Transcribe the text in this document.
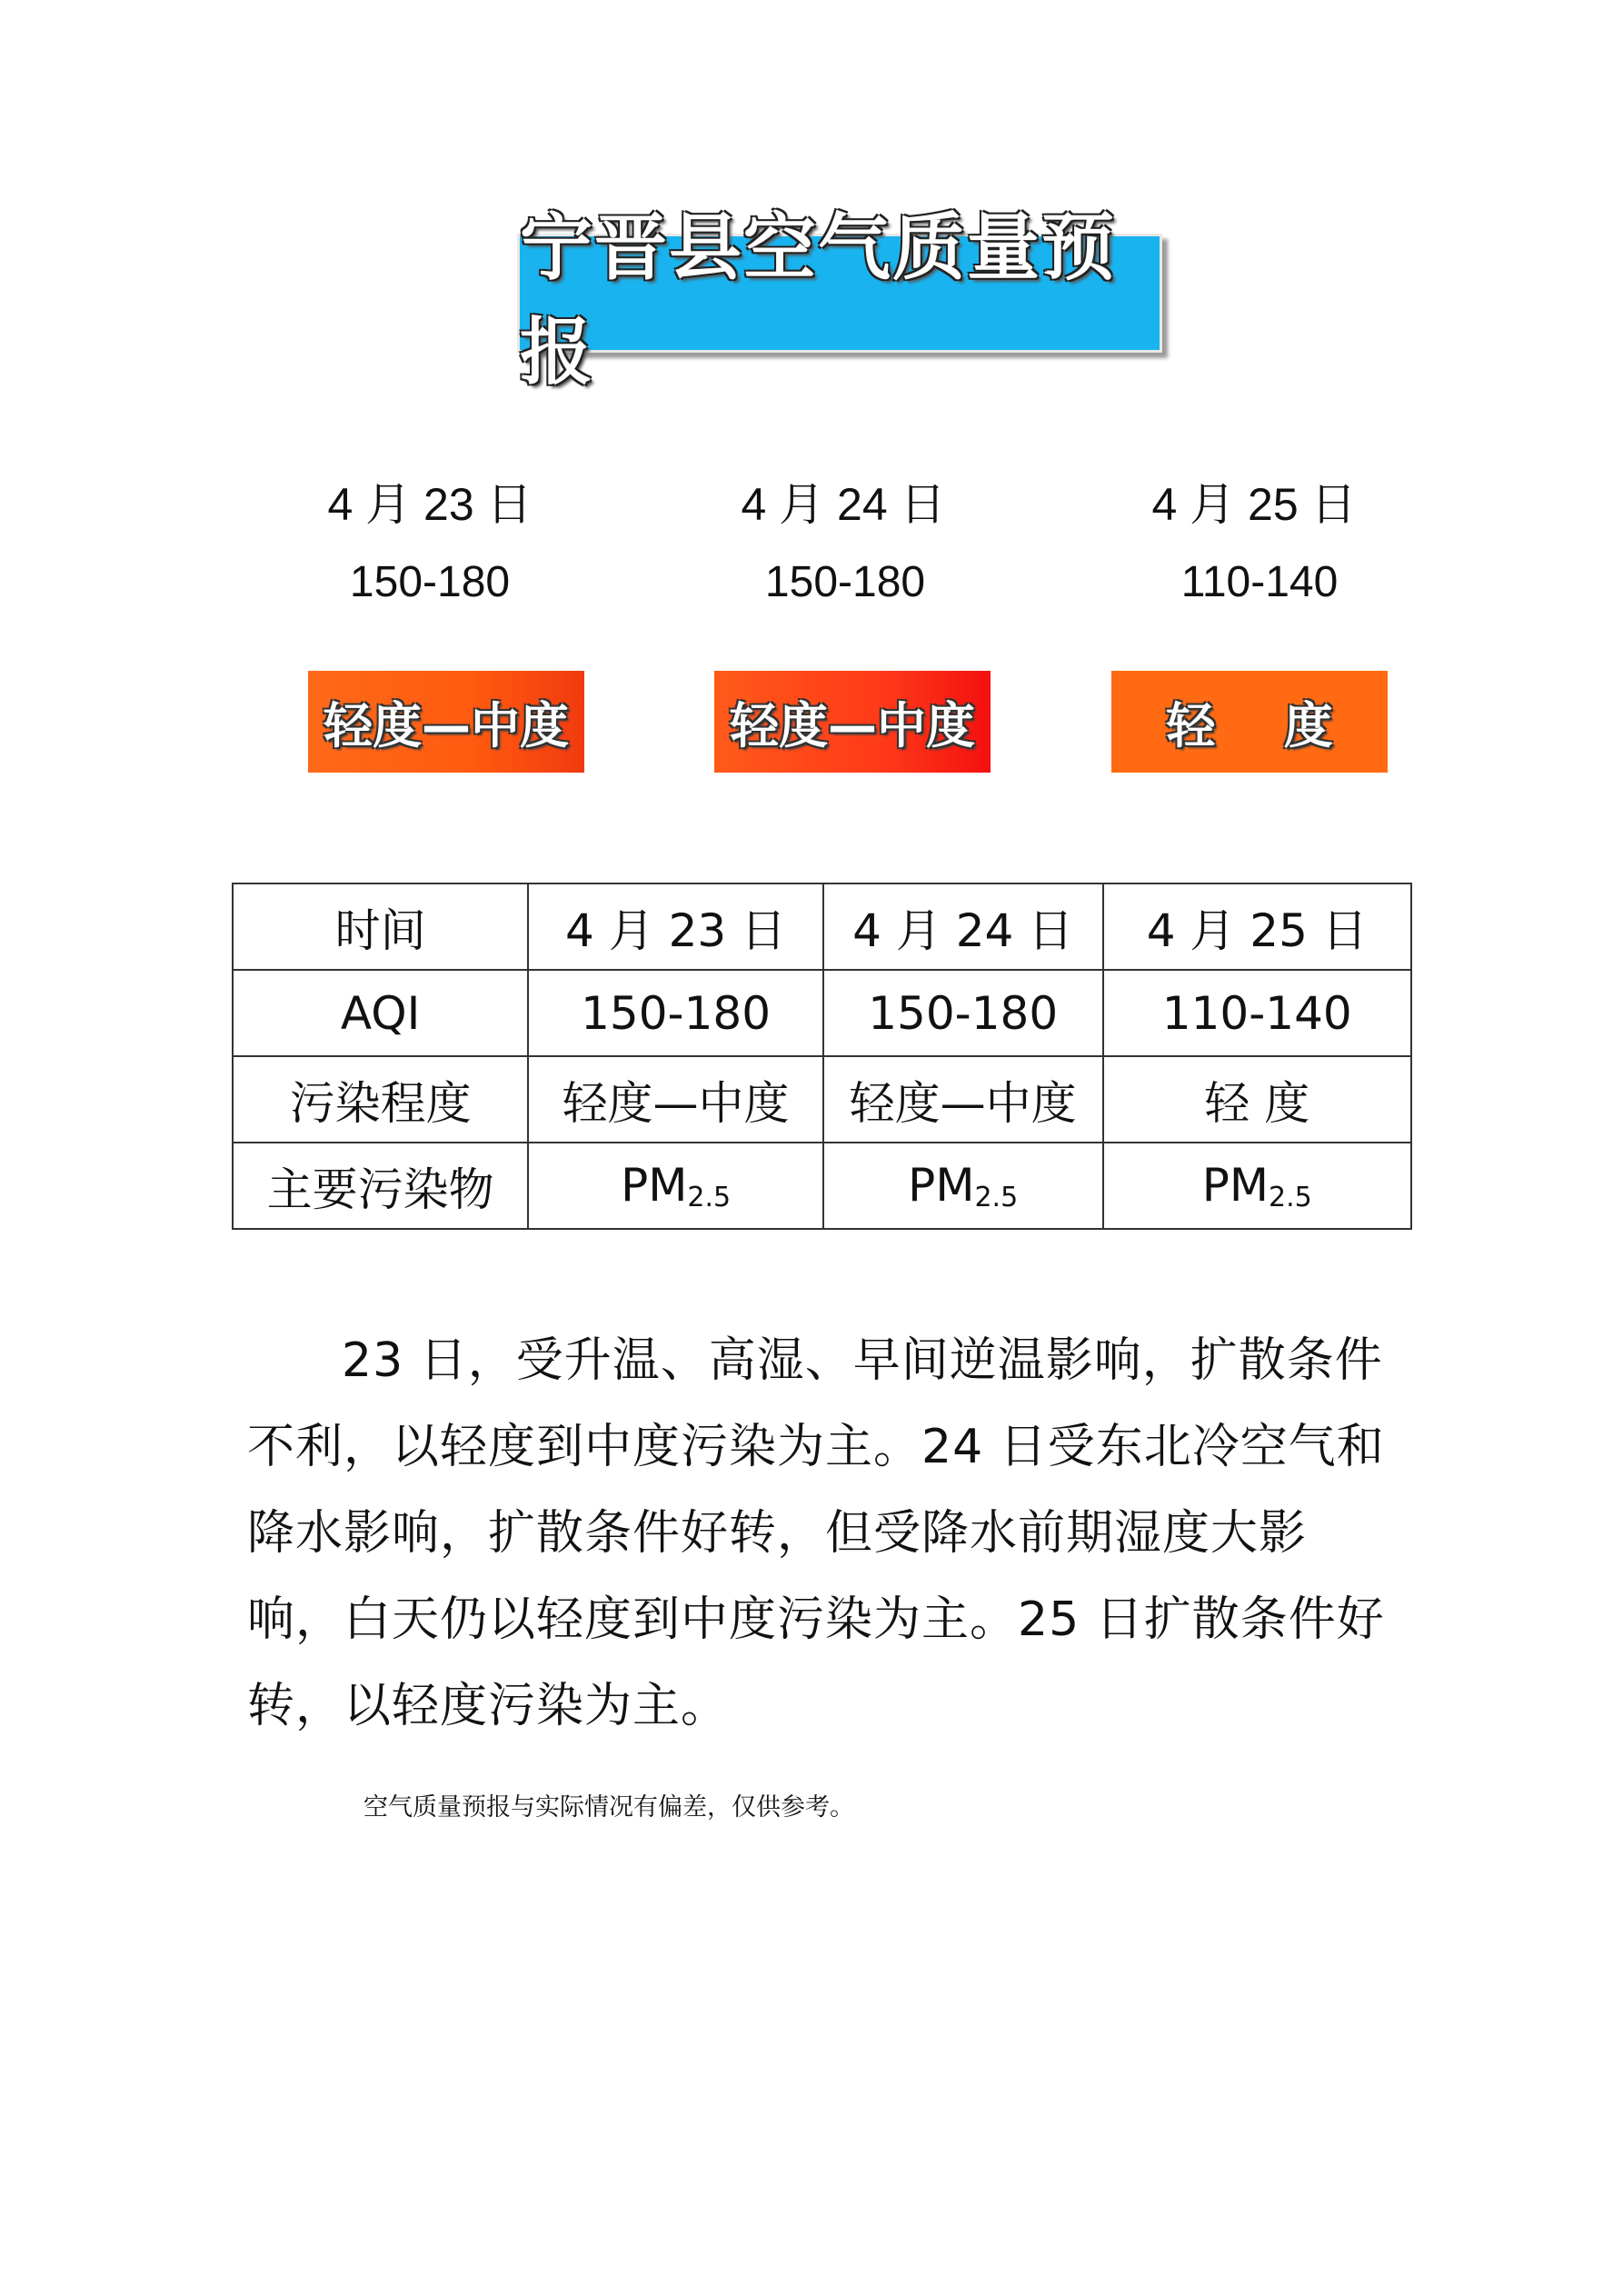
宁晋县空气质量预报
4 月 23 日	4 月 24 日	4 月 25 日
150-180	150-180	110-140
轻度—中度	轻度—中度	轻    度
时间	4 月 23 日	4 月 24 日	4 月 25 日
AQI	150-180	150-180	110-140
污染程度	轻度—中度	轻度—中度	轻 度
主要污染物	$PM_{2.5}$	$PM_{2.5}$	$PM_{2.5}$
23 日，受升温、高湿、早间逆温影响，扩散条件不利，以轻度到中度污染为主。24 日受东北冷空气和降水影响，扩散条件好转，但受降水前期湿度大影响，白天仍以轻度到中度污染为主。25 日扩散条件好转，以轻度污染为主。
空气质量预报与实际情况有偏差，仅供参考。
